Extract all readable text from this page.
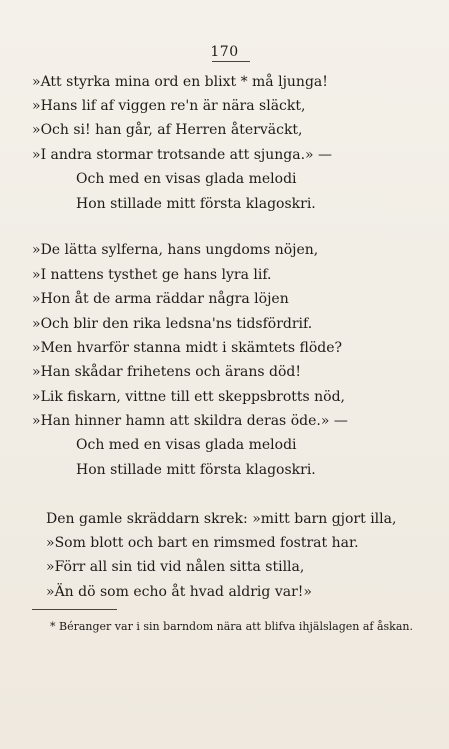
170
»Att styrka mina ord en blixt * må ljunga!
»Hans lif af viggen re'n är nära släckt,
»Och si! han går, af Herren återväckt,
»I andra stormar trotsande att sjunga.» —
Och med en visas glada melodi
Hon stillade mitt första klagoskri.
»De lätta sylferna, hans ungdoms nöjen,
»I nattens tysthet ge hans lyra lif.
»Hon åt de arma räddar några löjen
»Och blir den rika ledsna'ns tidsfördrif.
»Men hvarför stanna midt i skämtets flöde?
»Han skådar frihetens och ärans död!
»Lik fiskarn, vittne till ett skeppsbrotts nöd,
»Han hinner hamn att skildra deras öde.» —
Och med en visas glada melodi
Hon stillade mitt första klagoskri.
Den gamle skräddarn skrek: »mitt barn gjort illa,
»Som blott och bart en rimsmed fostrat har.
»Förr all sin tid vid nålen sitta stilla,
»Än dö som echo åt hvad aldrig var!»
* Béranger var i sin barndom nära att blifva ihjälslagen af åskan.
